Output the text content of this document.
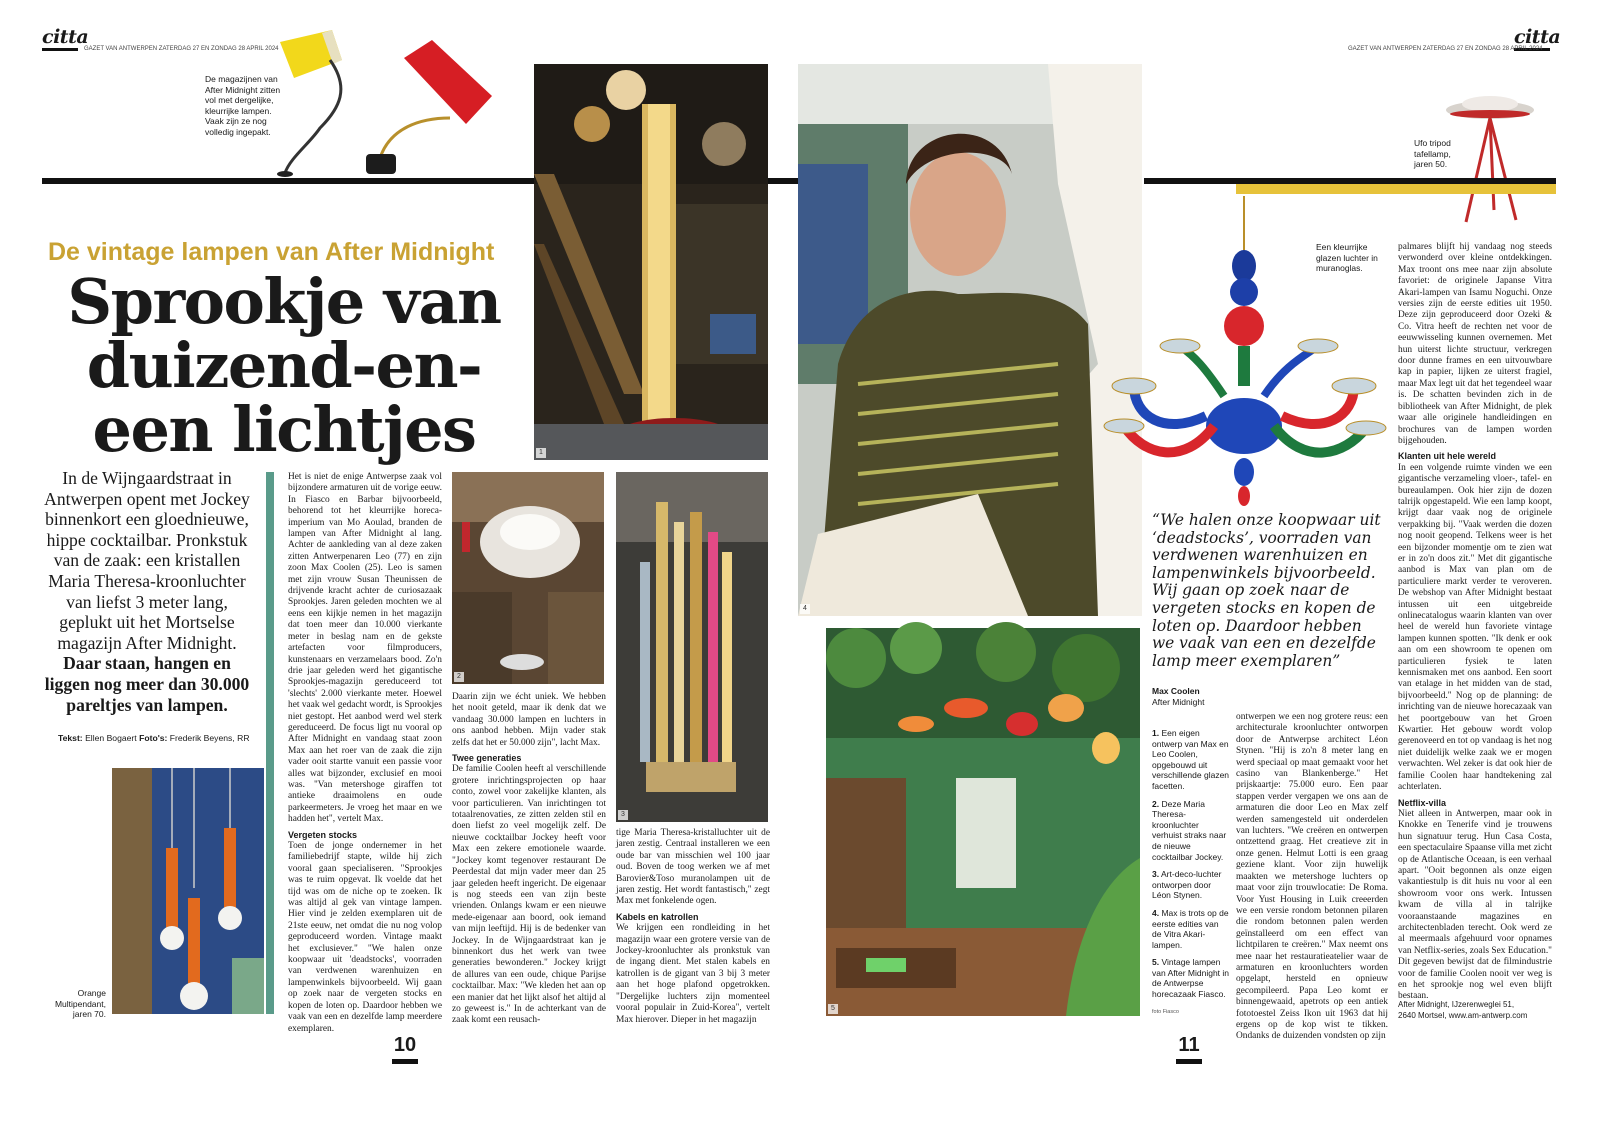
citta
GAZET VAN ANTWERPEN ZATERDAG 27 EN ZONDAG 28 APRIL 2024
citta
GAZET VAN ANTWERPEN ZATERDAG 27 EN ZONDAG 28 APRIL 2024
De magazijnen van After Midnight zitten vol met dergelijke, kleurrijke lampen. Vaak zijn ze nog volledig ingepakt.
Ufo tripod tafellamp, jaren 50.
De vintage lampen van After Midnight
Sprookje van duizend-en-een lichtjes
In de Wijngaardstraat in Antwerpen opent met Jockey binnenkort een gloednieuwe, hippe cocktailbar. Pronkstuk van de zaak: een kristallen Maria Theresa-kroonluchter van liefst 3 meter lang, geplukt uit het Mortselse magazijn After Midnight. Daar staan, hangen en liggen nog meer dan 30.000 pareltjes van lampen.
Tekst: Ellen Bogaert Foto's: Frederik Beyens, RR
1
2
3
Orange Multipendant, jaren 70.

Het is niet de enige Antwerpse zaak vol bijzondere armaturen uit de vorige eeuw. In Fiasco en Barbar bijvoorbeeld, behorend tot het kleurrijke horeca-imperium van Mo Aoulad, branden de lampen van After Midnight al lang. Achter de aankleding van al deze zaken zitten Antwerpenaren Leo (77) en zijn zoon Max Coolen (25). Leo is samen met zijn vrouw Susan Theunissen de drijvende kracht achter de curiosazaak Sprookjes. Jaren geleden mochten we al eens een kijkje nemen in het magazijn dat toen meer dan 10.000 vierkante meter in beslag nam en de gekste artefacten voor filmproducers, kunstenaars en verzamelaars bood. Zo'n drie jaar geleden werd het gigantische Sprookjes-magazijn gereduceerd tot 'slechts' 2.000 vierkante meter. Hoewel het vaak wel gedacht wordt, is Sprookjes niet gestopt. Het aanbod werd wel sterk gereduceerd. De focus ligt nu vooral op After Midnight en vandaag staat zoon Max aan het roer van de zaak die zijn vader ooit startte vanuit een passie voor alles wat bijzonder, exclusief en mooi was. "Van metershoge giraffen tot antieke draaimolens en oude parkeermeters. Je vroeg het maar en we hadden het", vertelt Max.

Vergeten stocks

Toen de jonge ondernemer in het familiebedrijf stapte, wilde hij zich vooral gaan specialiseren. "Sprookjes was te ruim opgevat. Ik voelde dat het tijd was om de niche op te zoeken. Ik was altijd al gek van vintage lampen. Hier vind je zelden exemplaren uit de 21ste eeuw, net omdat die nu nog volop geproduceerd worden. Vintage maakt het exclusiever." "We halen onze koopwaar uit 'deadstocks', voorraden van verdwenen warenhuizen en lampenwinkels bijvoorbeeld. Wij gaan op zoek naar de vergeten stocks en kopen de loten op. Daardoor hebben we vaak van een en dezelfde lamp meerdere exemplaren.

Daarin zijn we écht uniek. We hebben het nooit geteld, maar ik denk dat we vandaag 30.000 lampen en luchters in ons aanbod hebben. Mijn vader stak zelfs dat het er 50.000 zijn", lacht Max.

Twee generaties

De familie Coolen heeft al verschillende grotere inrichtingsprojecten op haar conto, zowel voor zakelijke klanten, als voor particulieren. Van inrichtingen tot totaalrenovaties, ze zitten zelden stil en doen liefst zo veel mogelijk zelf. De nieuwe cocktailbar Jockey heeft voor Max een zekere emotionele waarde. "Jockey komt tegenover restaurant De Peerdestal dat mijn vader meer dan 25 jaar geleden heeft ingericht. De eigenaar is nog steeds een van zijn beste vrienden. Onlangs kwam er een nieuwe mede-eigenaar aan boord, ook iemand van mijn leeftijd. Hij is de bedenker van Jockey. In de Wijngaardstraat kan je binnenkort dus het werk van twee generaties bewonderen." Jockey krijgt de allures van een oude, chique Parijse cocktailbar. Max: "We kleden het aan op een manier dat het lijkt alsof het altijd al zo geweest is." In de achterkant van de zaak komt een reusach-

tige Maria Theresa-kristalluchter uit de jaren zestig. Centraal installeren we een oude bar van misschien wel 100 jaar oud. Boven de toog werken we af met Barovier&Toso muranolampen uit de jaren zestig. Het wordt fantastisch," zegt Max met fonkelende ogen.

Kabels en katrollen

We krijgen een rondleiding in het magazijn waar een grotere versie van de Jockey-kroonluchter als pronkstuk van de ingang dient. Met stalen kabels en katrollen is de gigant van 3 bij 3 meter aan het hoge plafond opgetrokken. "Dergelijke luchters zijn momenteel vooral populair in Zuid-Korea", vertelt Max hierover. Dieper in het magazijn

10
4
Een kleurrijke glazen luchter in muranoglas.
“We halen onze koopwaar uit ‘deadstocks’, voorraden van verdwenen warenhuizen en lampenwinkels bijvoorbeeld. Wij gaan op zoek naar de vergeten stocks en kopen de loten op. Daardoor hebben we vaak van een en dezelfde lamp meer exemplaren”
Max Coolen
After Midnight
5
1. Een eigen ontwerp van Max en Leo Coolen, opgebouwd uit verschillende glazen facetten.
2. Deze Maria Theresa-kroonluchter verhuist straks naar de nieuwe cocktailbar Jockey.
3. Art-deco-luchter ontworpen door Léon Stynen.
4. Max is trots op de eerste edities van de Vitra Akari-lampen.
5. Vintage lampen van After Midnight in de Antwerpse horecazaak Fiasco.
foto Fiasco

ontwerpen we een nog grotere reus: een architecturale kroonluchter ontworpen door de Antwerpse architect Léon Stynen. "Hij is zo'n 8 meter lang en werd speciaal op maat gemaakt voor het casino van Blankenberge." Het prijskaartje: 75.000 euro. Een paar stappen verder vergapen we ons aan de armaturen die door Leo en Max zelf werden samengesteld uit onderdelen van luchters. "We creëren en ontwerpen ontzettend graag. Het creatieve zit in onze genen. Helmut Lotti is een graag geziene klant. Voor zijn huwelijk maakten we metershoge luchters op maat voor zijn trouwlocatie: De Roma. Voor Yust Housing in Luik creeerden we een versie rondom betonnen pilaren die rondom betonnen palen werden geïnstalleerd om een effect van lichtpilaren te creëren." Max neemt ons mee naar het restauratieatelier waar de armaturen en kroonluchters worden opgelapt, hersteld en opnieuw gecompileerd. Papa Leo komt er binnengewaaid, apetrots op een antiek fototoestel Zeiss Ikon uit 1963 dat hij ergens op de kop wist te tikken. Ondanks de duizenden vondsten op zijn

palmares blijft hij vandaag nog steeds verwonderd over kleine ontdekkingen. Max troont ons mee naar zijn absolute favoriet: de originele Japanse Vitra Akari-lampen van Isamu Noguchi. Onze versies zijn de eerste edities uit 1950. Deze zijn geproduceerd door Ozeki & Co. Vitra heeft de rechten net voor de eeuwwisseling kunnen overnemen. Met hun uiterst lichte structuur, verkregen door dunne frames en een uitvouwbare kap in papier, lijken ze uiterst fragiel, maar Max legt uit dat het tegendeel waar is. De schatten bevinden zich in de bibliotheek van After Midnight, de plek waar alle originele handleidingen en brochures van de lampen worden bijgehouden.

Klanten uit hele wereld

In een volgende ruimte vinden we een gigantische verzameling vloer-, tafel- en bureaulampen. Ook hier zijn de dozen talrijk opgestapeld. Wie een lamp koopt, krijgt daar vaak nog de originele verpakking bij. "Vaak werden die dozen nog nooit geopend. Telkens weer is het een bijzonder momentje om te zien wat er in zo'n doos zit." Met dit gigantische aanbod is Max van plan om de particuliere markt verder te veroveren. De webshop van After Midnight bestaat intussen uit een uitgebreide onlinecatalogus waarin klanten van over heel de wereld hun favoriete vintage lampen kunnen spotten. "Ik denk er ook aan om een showroom te openen om particulieren fysiek te laten kennismaken met ons aanbod. Een soort van etalage in het midden van de stad, bijvoorbeeld." Nog op de planning: de inrichting van de nieuwe horecazaak van het poortgebouw van het Groen Kwartier. Het gebouw wordt volop gerenoveerd en tot op vandaag is het nog niet duidelijk welke zaak we er mogen verwachten. Wel zeker is dat ook hier de familie Coolen haar handtekening zal achterlaten.

Netflix-villa

Niet alleen in Antwerpen, maar ook in Knokke en Tenerife vind je trouwens hun signatuur terug. Hun Casa Costa, een spectaculaire Spaanse villa met zicht op de Atlantische Oceaan, is een verhaal apart. "Ooit begonnen als onze eigen vakantiestulp is dit huis nu voor al een showroom voor ons werk. Intussen kwam de villa al in talrijke vooraanstaande magazines en architectenbladen terecht. Ook werd ze al meermaals afgehuurd voor opnames van Netflix-series, zoals Sex Education." Dit gegeven bewijst dat de filmindustrie voor de familie Coolen nooit ver weg is en het sprookje nog wel even blijft bestaan.

After Midnight, IJzerenweglei 51,
2640 Mortsel, www.am-antwerp.com
11
